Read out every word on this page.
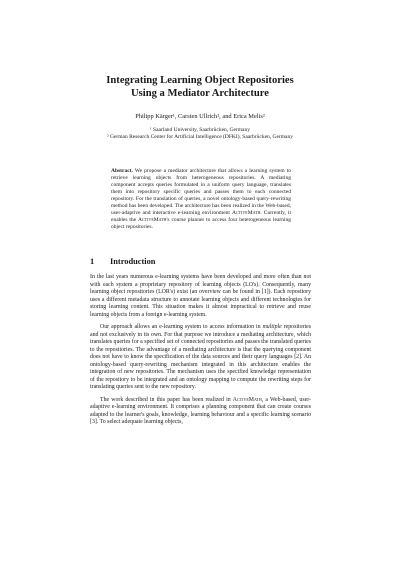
Integrating Learning Object Repositories
Using a Mediator Architecture
Philipp Kärger¹, Carsten Ullrich², and Erica Melis²
¹ Saarland University, Saarbrücken, Germany
² German Research Center for Artificial Intelligence (DFKI), Saarbrücken, Germany
Abstract. We propose a mediator architecture that allows a learning system to retrieve learning objects from heterogeneous repositories. A mediating component accepts queries formulated in a uniform query language, translates them into repository specific queries and passes them to each connected repository. For the translation of queries, a novel ontology-based query-rewriting method has been developed. The architecture has been realized in the Web-based, user-adaptive and interactive e-learning environment ActiveMath. Currently, it enables the ActiveMath's course planner to access four heterogeneous learning object repositories.
1 Introduction

In the last years numerous e-learning systems have been developed and more often than not with each system a proprietary repository of learning objects (LO's). Consequently, many learning object repositories (LOR's) exist (an overview can be found in [1]). Each repository uses a different metadata structure to annotate learning objects and different technologies for storing learning content. This situation makes it almost impractical to retrieve and reuse learning objects from a foreign e-learning system.

Our approach allows an e-learning system to access information in multiple repositories and not exclusively in its own. For that purpose we introduce a mediating architecture, which translates queries for a specified set of connected repositories and passes the translated queries to the repositories. The advantage of a mediating architecture is that the querying component does not have to know the specification of the data sources and their query languages [2]. An ontology-based query-rewriting mechanism integrated in this architecture enables the integration of new repositories. The mechanism uses the specified knowledge representation of the repository to be integrated and an ontology mapping to compute the rewriting steps for translating queries sent to the new repository.

The work described in this paper has been realized in ActiveMath, a Web-based, user-adaptive e-learning environment. It comprises a planning component that can create courses adapted to the learner's goals, knowledge, learning behaviour and a specific learning scenario [3]. To select adequate learning objects,
